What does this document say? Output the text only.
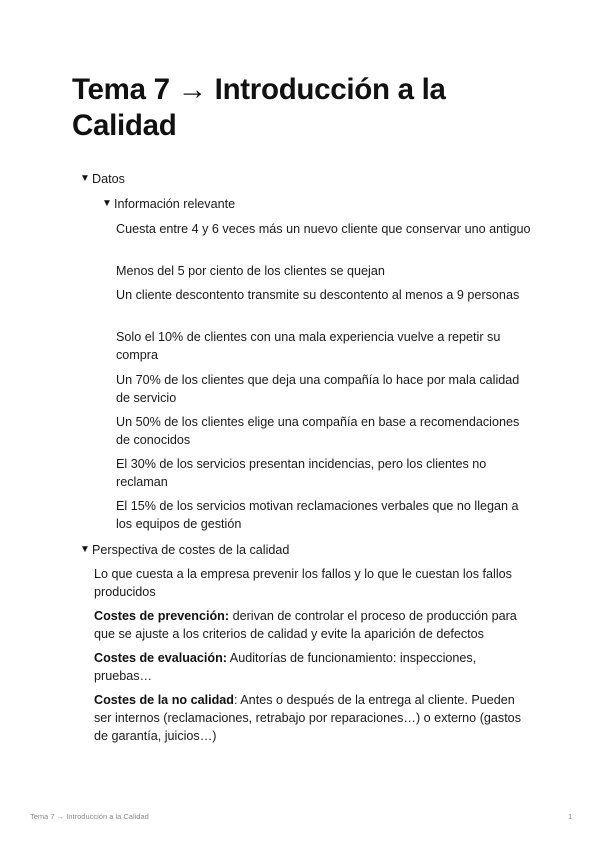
Tema 7 → Introducción a la Calidad
▼ Datos
▼ Información relevante

Cuesta entre 4 y 6 veces más un nuevo cliente que conservar uno antiguo

Menos del 5 por ciento de los clientes se quejan

Un cliente descontento transmite su descontento al menos a 9 personas

Solo el 10% de clientes con una mala experiencia vuelve a repetir su compra

Un 70% de los clientes que deja una compañía lo hace por mala calidad de servicio

Un 50% de los clientes elige una compañía en base a recomendaciones de conocidos

El 30% de los servicios presentan incidencias, pero los clientes no reclaman

El 15% de los servicios motivan reclamaciones verbales que no llegan a los equipos de gestión

▼ Perspectiva de costes de la calidad

Lo que cuesta a la empresa prevenir los fallos y lo que le cuestan los fallos producidos

Costes de prevención: derivan de controlar el proceso de producción para que se ajuste a los criterios de calidad y evite la aparición de defectos

Costes de evaluación: Auditorías de funcionamiento: inspecciones, pruebas…

Costes de la no calidad: Antes o después de la entrega al cliente. Pueden ser internos (reclamaciones, retrabajo por reparaciones…) o externo (gastos de garantía, juicios…)

Tema 7 → Introducción a la Calidad	1
